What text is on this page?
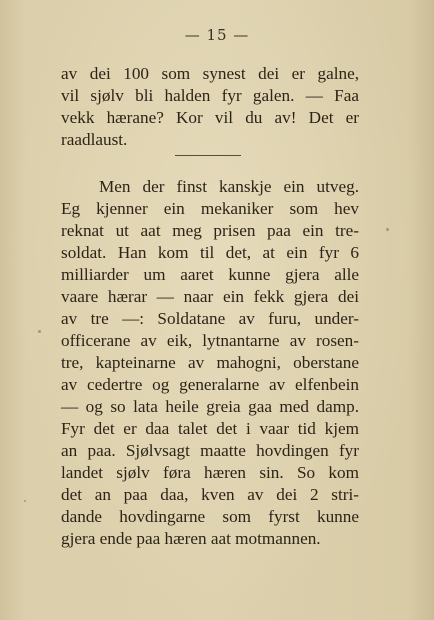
— 15 —
av dei 100 som synest dei er galne,
vil sjølv bli halden fyr galen. — Faa
vekk hærane? Kor vil du av! Det er
raadlaust.
Men der finst kanskje ein utveg.
Eg kjenner ein mekaniker som hev
reknat ut aat meg prisen paa ein tre-
soldat. Han kom til det, at ein fyr 6
milliarder um aaret kunne gjera alle
vaare hærar — naar ein fekk gjera dei
av tre —: Soldatane av furu, under-
officerane av eik, lytnantarne av rosen-
tre, kapteinarne av mahogni, oberstane
av cedertre og generalarne av elfenbein
— og so lata heile greia gaa med damp.
Fyr det er daa talet det i vaar tid kjem
an paa. Sjølvsagt maatte hovdingen fyr
landet sjølv føra hæren sin. So kom
det an paa daa, kven av dei 2 stri-
dande hovdingarne som fyrst kunne
gjera ende paa hæren aat motmannen.
